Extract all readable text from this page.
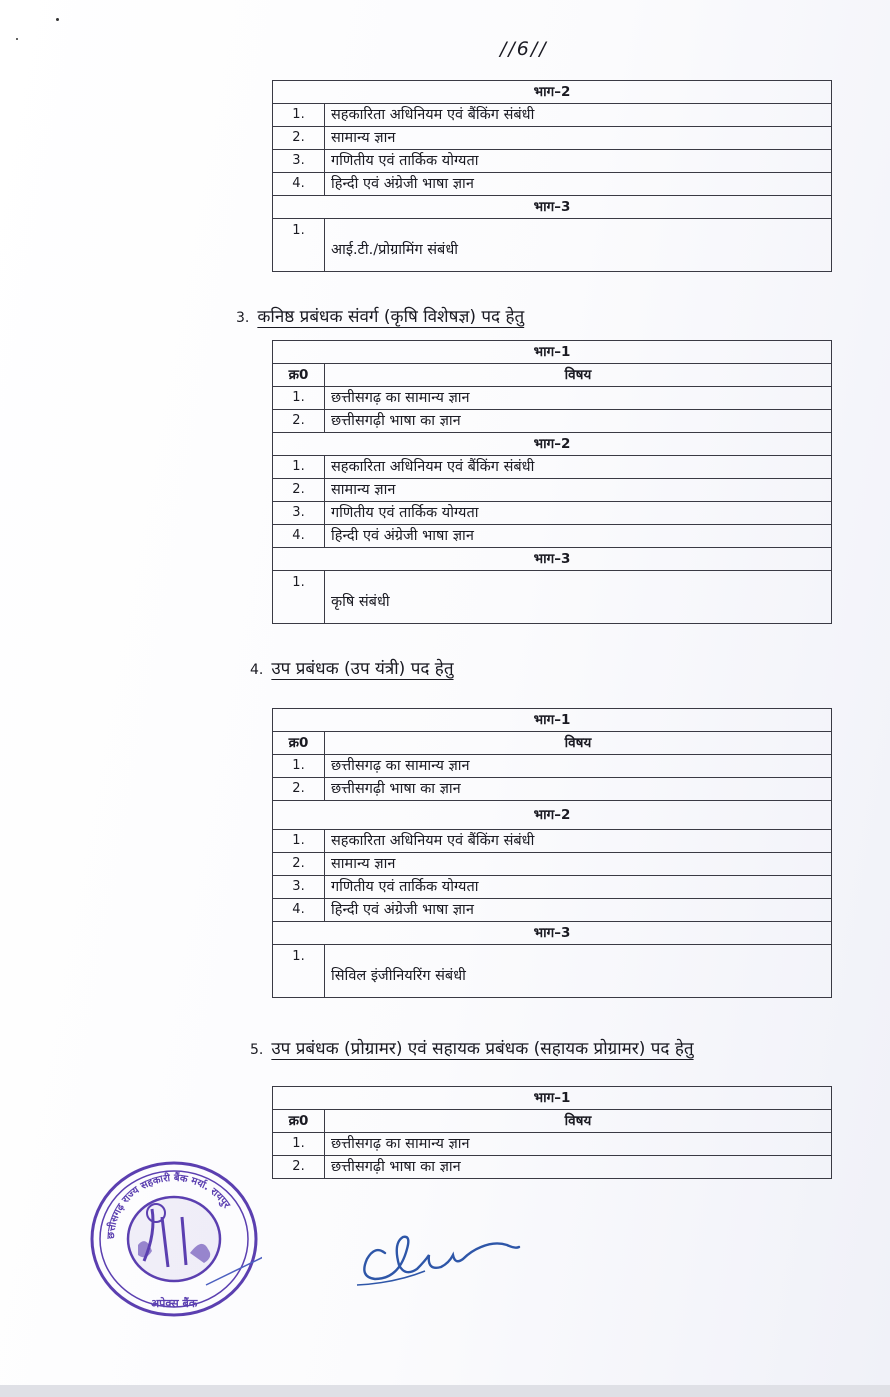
//6//
भाग–2	
1.	सहकारिता अधिनियम एवं बैंकिंग संबंधी
2.	सामान्य ज्ञान
3.	गणितीय एवं तार्किक योग्यता
4.	हिन्दी एवं अंग्रेजी भाषा ज्ञान
भाग–3	
1.	आई.टी./प्रोग्रामिंग संबंधी
3. कनिष्ठ प्रबंधक संवर्ग (कृषि विशेषज्ञ) पद हेतु
भाग–1	
क्र0	विषय
1.	छत्तीसगढ़ का सामान्य ज्ञान
2.	छत्तीसगढ़ी भाषा का ज्ञान
भाग–2	
1.	सहकारिता अधिनियम एवं बैंकिंग संबंधी
2.	सामान्य ज्ञान
3.	गणितीय एवं तार्किक योग्यता
4.	हिन्दी एवं अंग्रेजी भाषा ज्ञान
भाग–3	
1.	कृषि संबंधी
4. उप प्रबंधक (उप यंत्री) पद हेतु
भाग–1	
क्र0	विषय
1.	छत्तीसगढ़ का सामान्य ज्ञान
2.	छत्तीसगढ़ी भाषा का ज्ञान
भाग–2	
1.	सहकारिता अधिनियम एवं बैंकिंग संबंधी
2.	सामान्य ज्ञान
3.	गणितीय एवं तार्किक योग्यता
4.	हिन्दी एवं अंग्रेजी भाषा ज्ञान
भाग–3	
1.	सिविल इंजीनियरिंग संबंधी
5. उप प्रबंधक (प्रोग्रामर) एवं सहायक प्रबंधक (सहायक प्रोग्रामर) पद हेतु
भाग–1	
क्र0	विषय
1.	छत्तीसगढ़ का सामान्य ज्ञान
2.	छत्तीसगढ़ी भाषा का ज्ञान
छत्तीसगढ़ राज्य सहकारी बैंक मर्या. रायपुर
अपेक्स बैंक
